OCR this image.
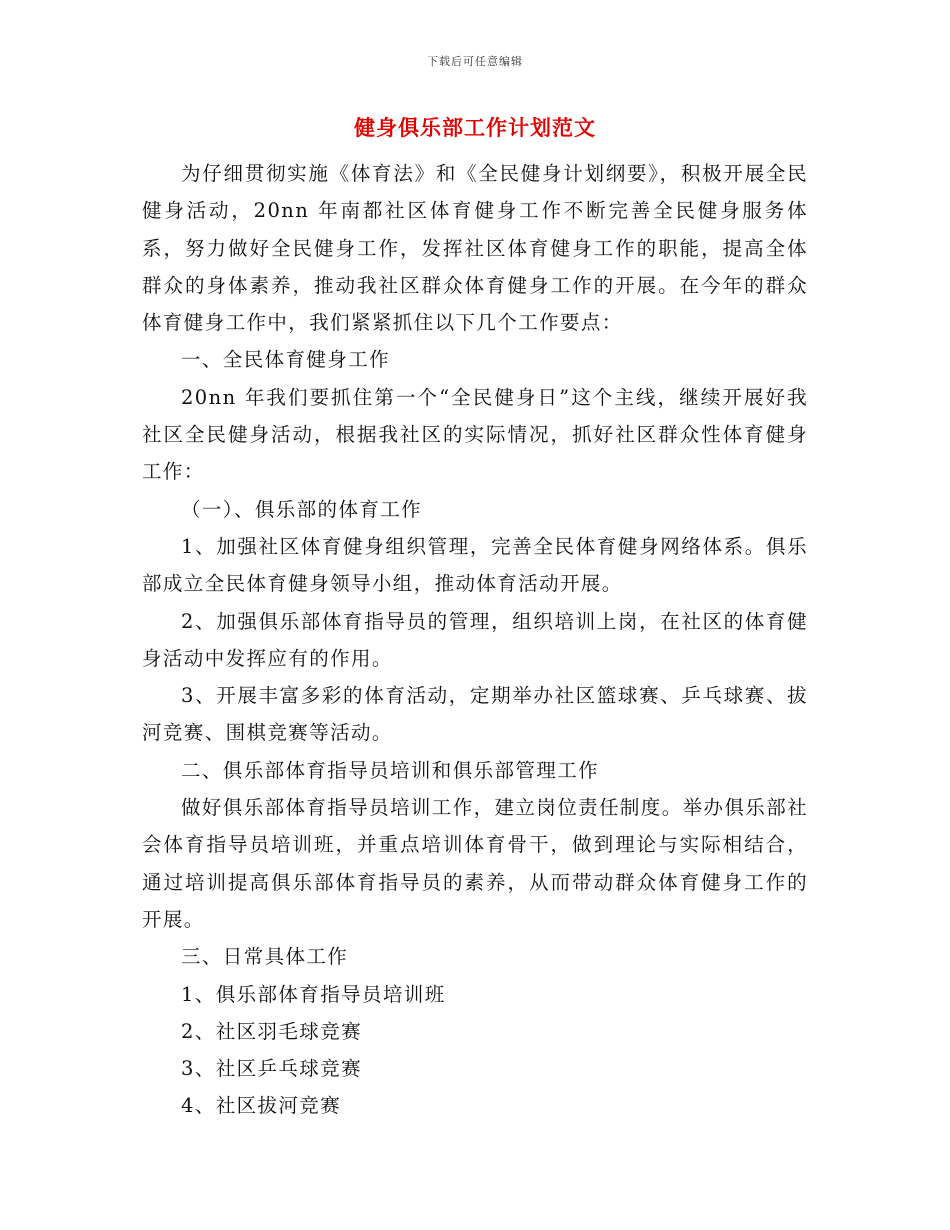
下载后可任意编辑
健身俱乐部工作计划范文

为仔细贯彻实施《体育法》和《全民健身计划纲要》，积极开展全民健身活动，20nn 年南都社区体育健身工作不断完善全民健身服务体系，努力做好全民健身工作，发挥社区体育健身工作的职能，提高全体群众的身体素养，推动我社区群众体育健身工作的开展。在今年的群众体育健身工作中，我们紧紧抓住以下几个工作要点：

一、全民体育健身工作

20nn 年我们要抓住第一个“全民健身日”这个主线，继续开展好我社区全民健身活动，根据我社区的实际情况，抓好社区群众性体育健身工作：

（一）、俱乐部的体育工作

1、加强社区体育健身组织管理，完善全民体育健身网络体系。俱乐部成立全民体育健身领导小组，推动体育活动开展。

2、加强俱乐部体育指导员的管理，组织培训上岗，在社区的体育健身活动中发挥应有的作用。

3、开展丰富多彩的体育活动，定期举办社区篮球赛、乒乓球赛、拔河竞赛、围棋竞赛等活动。

二、俱乐部体育指导员培训和俱乐部管理工作

做好俱乐部体育指导员培训工作，建立岗位责任制度。举办俱乐部社会体育指导员培训班，并重点培训体育骨干，做到理论与实际相结合，通过培训提高俱乐部体育指导员的素养，从而带动群众体育健身工作的开展。

三、日常具体工作

1、俱乐部体育指导员培训班

2、社区羽毛球竞赛

3、社区乒乓球竞赛

4、社区拔河竞赛
